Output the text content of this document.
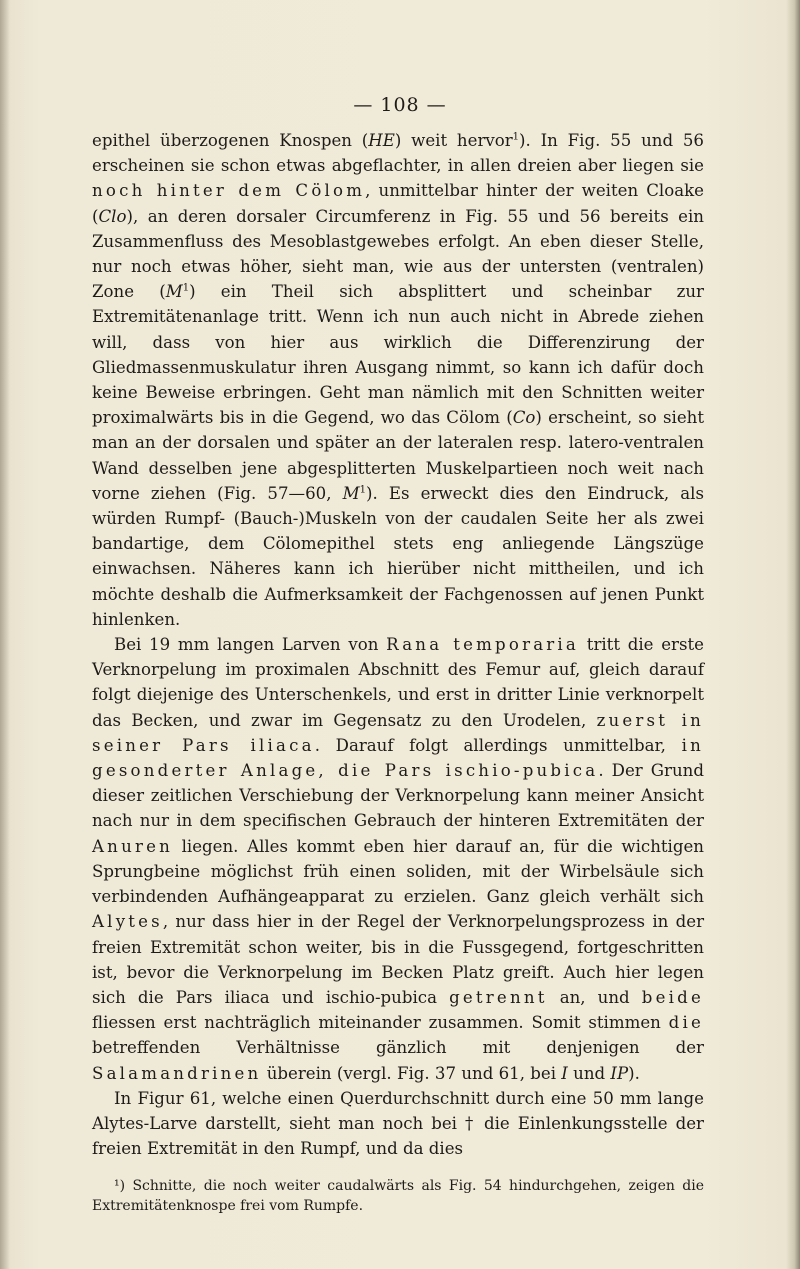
— 108 —

epithel überzogenen Knospen (HE) weit hervor$^1$). In Fig. 55 und 56 erscheinen sie schon etwas abgeflachter, in allen dreien aber liegen sie noch hinter dem Cölom, unmittelbar hinter der weiten Cloake (Clo), an deren dorsaler Circumferenz in Fig. 55 und 56 bereits ein Zusammenfluss des Mesoblastgewebes erfolgt. An eben dieser Stelle, nur noch etwas höher, sieht man, wie aus der untersten (ventralen) Zone $(M^1)$ ein Theil sich absplittert und scheinbar zur Extremitätenanlage tritt. Wenn ich nun auch nicht in Abrede ziehen will, dass von hier aus wirklich die Differenzirung der Gliedmassenmuskulatur ihren Ausgang nimmt, so kann ich dafür doch keine Beweise erbringen. Geht man nämlich mit den Schnitten weiter proximalwärts bis in die Gegend, wo das Cölom (Co) erscheint, so sieht man an der dorsalen und später an der lateralen resp. latero-ventralen Wand desselben jene abgesplitterten Muskelpartieen noch weit nach vorne ziehen (Fig. 57—60, $M^1$). Es erweckt dies den Eindruck, als würden Rumpf- (Bauch-)Muskeln von der caudalen Seite her als zwei bandartige, dem Cölomepithel stets eng anliegende Längszüge einwachsen. Näheres kann ich hierüber nicht mittheilen, und ich möchte deshalb die Aufmerksamkeit der Fachgenossen auf jenen Punkt hinlenken.

Bei 19 mm langen Larven von Rana temporaria tritt die erste Verknorpelung im proximalen Abschnitt des Femur auf, gleich darauf folgt diejenige des Unterschenkels, und erst in dritter Linie verknorpelt das Becken, und zwar im Gegensatz zu den Urodelen, zuerst in seiner Pars iliaca. Darauf folgt allerdings unmittelbar, in gesonderter Anlage, die Pars ischio-pubica. Der Grund dieser zeitlichen Verschiebung der Verknorpelung kann meiner Ansicht nach nur in dem specifischen Gebrauch der hinteren Extremitäten der Anuren liegen. Alles kommt eben hier darauf an, für die wichtigen Sprungbeine möglichst früh einen soliden, mit der Wirbelsäule sich verbindenden Aufhängeapparat zu erzielen. Ganz gleich verhält sich Alytes, nur dass hier in der Regel der Verknorpelungsprozess in der freien Extremität schon weiter, bis in die Fussgegend, fortgeschritten ist, bevor die Verknorpelung im Becken Platz greift. Auch hier legen sich die Pars iliaca und ischio-pubica getrennt an, und beide fliessen erst nachträglich miteinander zusammen. Somit stimmen die betreffenden Verhältnisse gänzlich mit denjenigen der Salamandrinen überein (vergl. Fig. 37 und 61, bei I und IP).

In Figur 61, welche einen Querdurchschnitt durch eine 50 mm lange Alytes-Larve darstellt, sieht man noch bei † die Einlenkungsstelle der freien Extremität in den Rumpf, und da dies

¹) Schnitte, die noch weiter caudalwärts als Fig. 54 hindurchgehen, zeigen die Extremitätenknospe frei vom Rumpfe.
